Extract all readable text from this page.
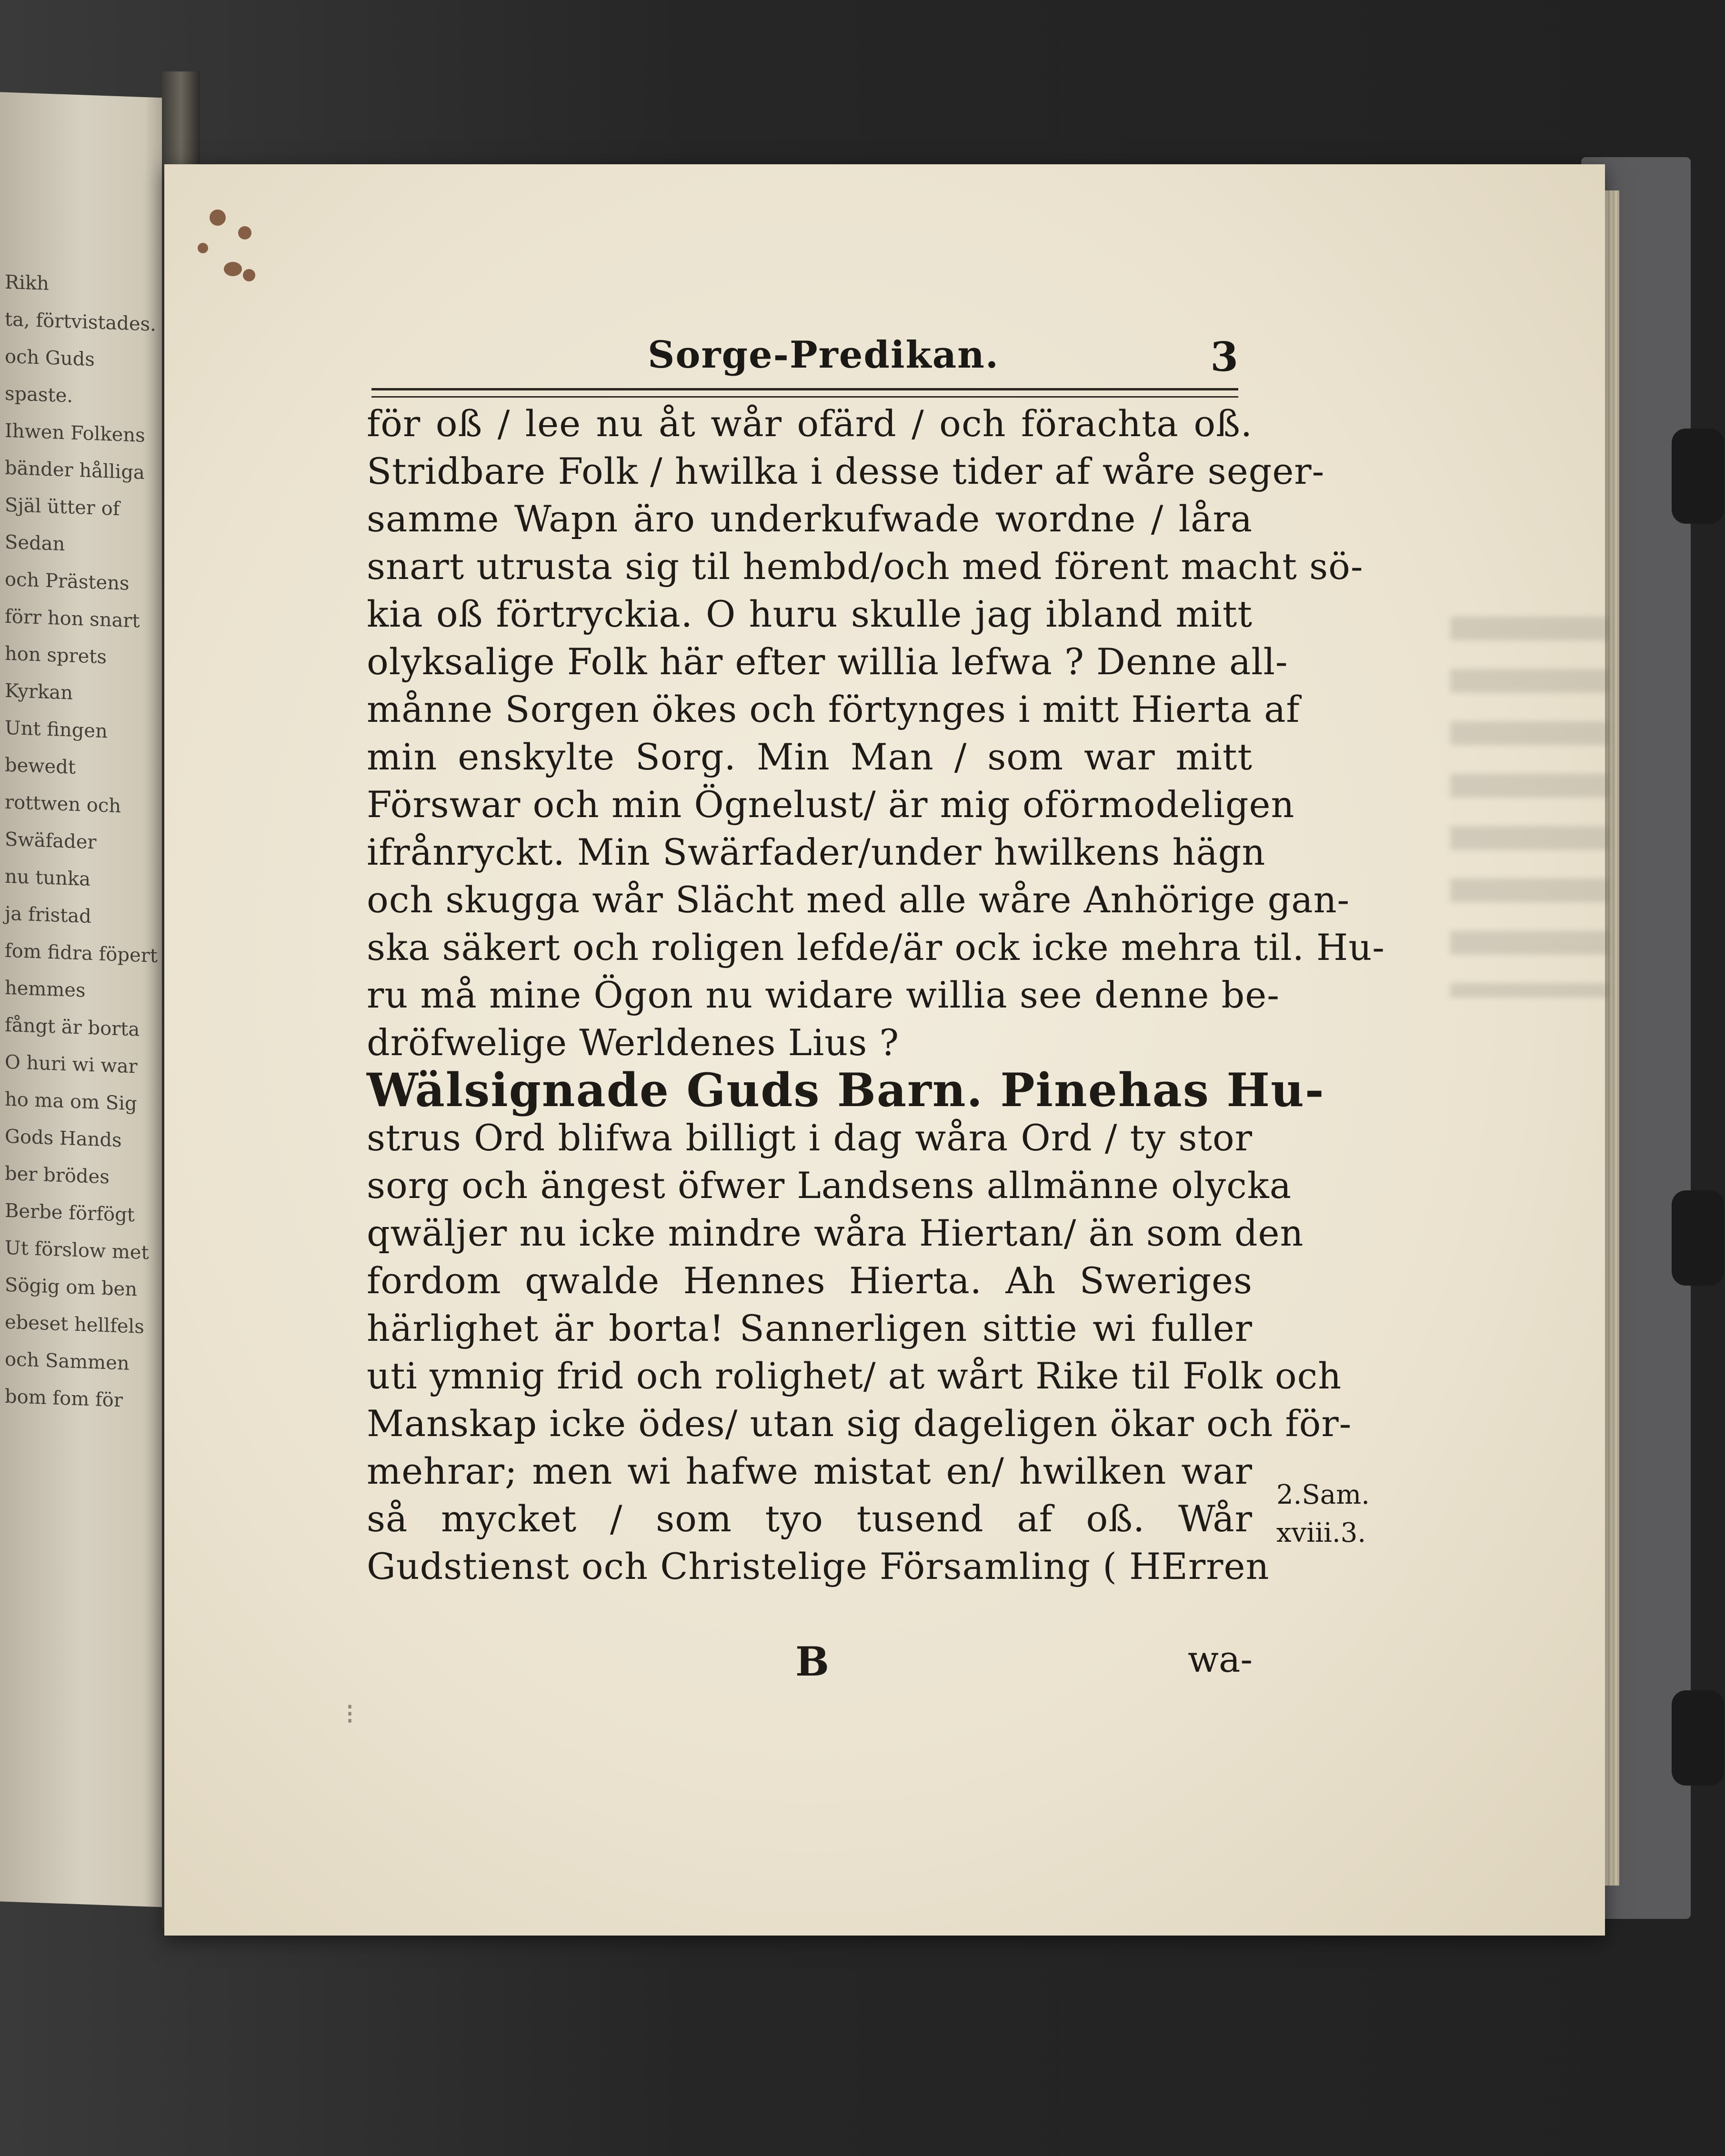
Rikh
ta, förtvistades.
och Guds spaste.
Ihwen Folkens
bänder hålliga
Själ ütter of Sedan
och Prästens
förr hon snart
hon sprets Kyrkan
Unt fingen bewedt
rottwen och Swäfader
nu tunka
ja fristad
fom fidra föpert
hemmes
fångt är borta
O huri wi war
ho ma om Sig
Gods Hands
ber brödes
Berbe förfögt
Ut förslow met
Sögig om ben
ebeset hellfels
och Sammen
bom fom för
⁝
Sorge-Predikan.	3
för oß / lee nu åt wår ofärd / och förachta oß.
Stridbare Folk / hwilka i desse tider af wåre seger-
samme Wapn äro underkufwade wordne / låra
snart utrusta sig til hembd/och med förent macht sö-
kia oß förtryckia. O huru skulle jag ibland mitt
olyksalige Folk här efter willia lefwa ? Denne all-
månne Sorgen ökes och förtynges i mitt Hierta af
min enskylte Sorg. Min Man / som war mitt
Förswar och min Ögnelust/ är mig oförmodeligen
ifrånryckt. Min Swärfader/under hwilkens hägn
och skugga wår Slächt med alle wåre Anhörige gan-
ska säkert och roligen lefde/är ock icke mehra til. Hu-
ru må mine Ögon nu widare willia see denne be-
dröfwelige Werldenes Lius ?
Wälsignade Guds Barn. Pinehas Hu-
strus Ord blifwa billigt i dag wåra Ord / ty stor
sorg och ängest öfwer Landsens allmänne olycka
qwäljer nu icke mindre wåra Hiertan/ än som den
fordom qwalde Hennes Hierta. Ah Sweriges
härlighet är borta! Sannerligen sittie wi fuller
uti ymnig frid och rolighet/ at wårt Rike til Folk och
Manskap icke ödes/ utan sig dageligen ökar och för-
mehrar; men wi hafwe mistat en/ hwilken war
så mycket / som tyo tusend af oß. Wår
Gudstienst och Christelige Församling ( HErren
B	wa-
2.Sam.
xviii.3.
